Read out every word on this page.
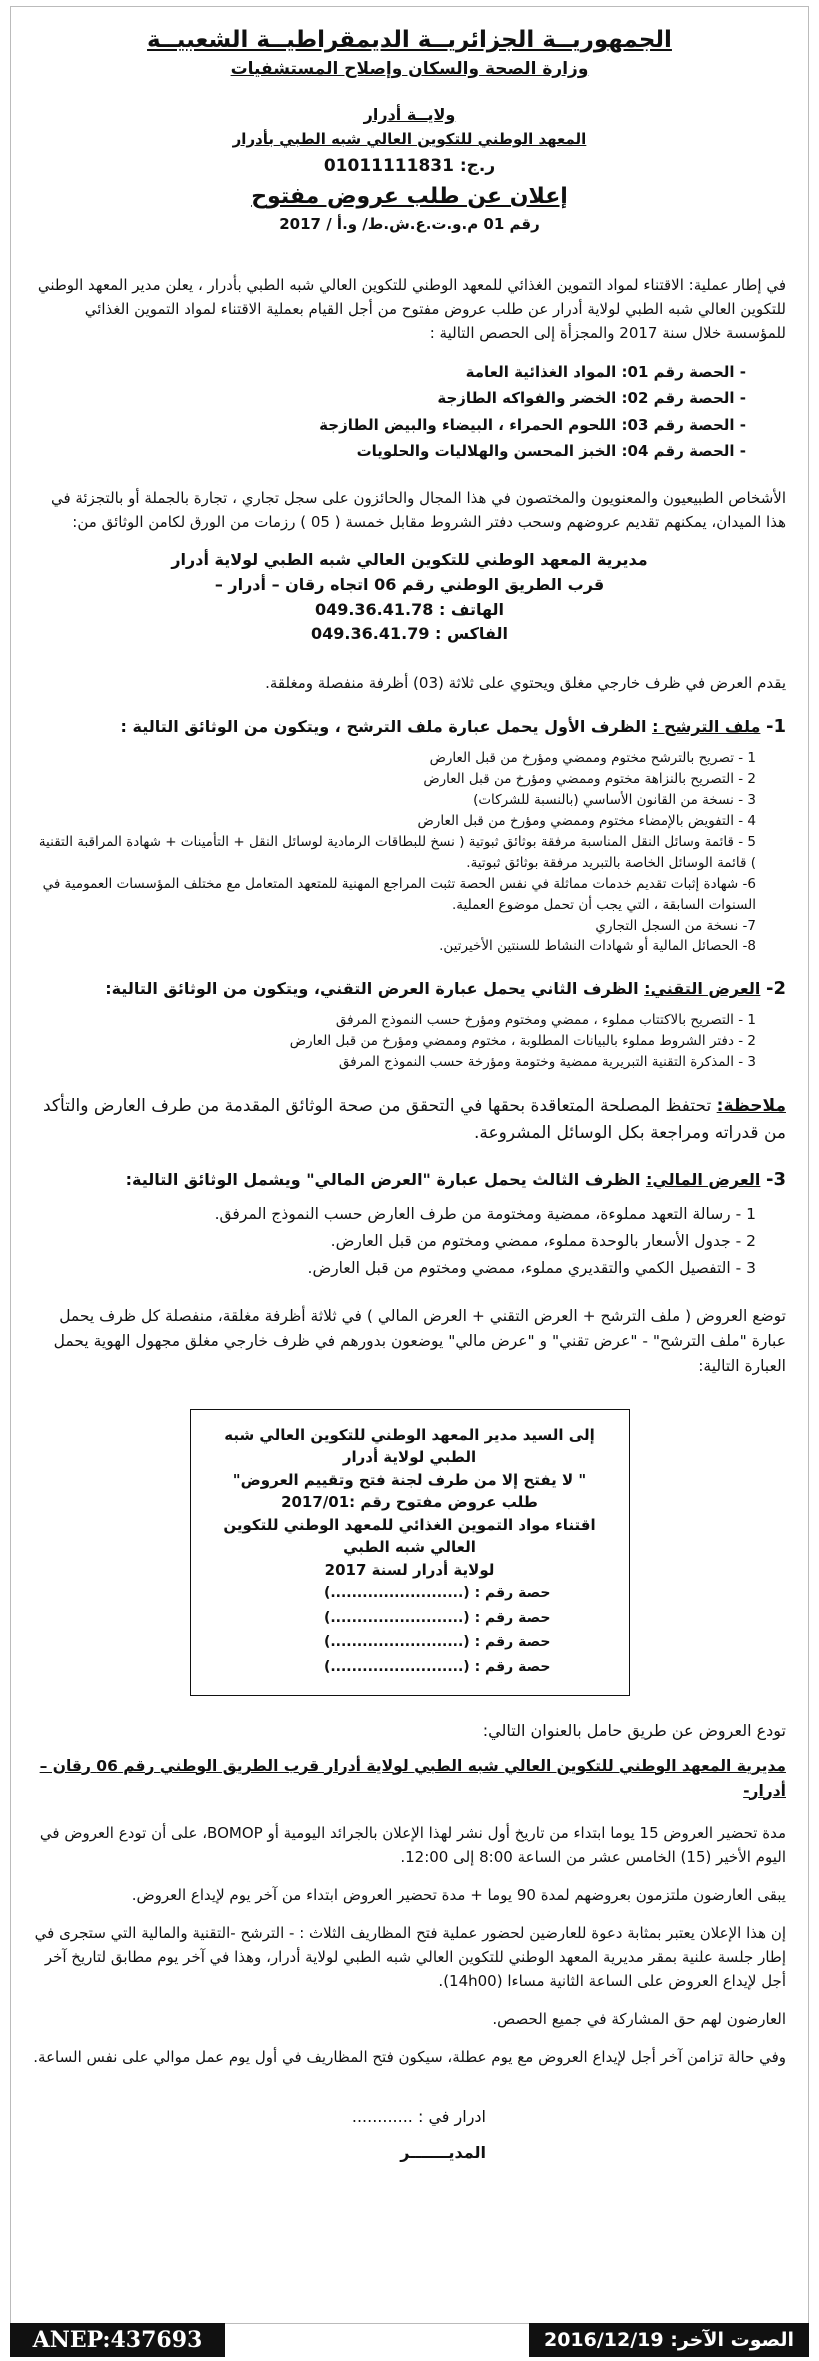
الجمهوريــة الجزائريــة الديمقراطيــة الشعبيــة
وزارة الصحة والسكان وإصلاح المستشفيات
ولايــة أدرار
المعهد الوطني للتكوين العالي شبه الطبي بأدرار
ر.ج: 01011111831
إعلان عن طلب عروض مفتوح
رقم 01 م.و.ت.ع.ش.ط/ و.أ / 2017

في إطار عملية: الاقتناء لمواد التموين الغذائي للمعهد الوطني للتكوين العالي شبه الطبي بأدرار ، يعلن مدير المعهد الوطني للتكوين العالي شبه الطبي لولاية أدرار عن طلب عروض مفتوح من أجل القيام بعملية الاقتناء لمواد التموين الغذائي للمؤسسة خلال سنة 2017 والمجزأة إلى الحصص التالية :

- الحصة رقم 01: المواد الغذائية العامة
- الحصة رقم 02: الخضر والفواكه الطازجة
- الحصة رقم 03: اللحوم الحمراء ، البيضاء والبيض الطازجة
- الحصة رقم 04: الخبز المحسن والهلاليات والحلويات

الأشخاص الطبيعيون والمعنويون والمختصون في هذا المجال والحائزون على سجل تجاري ، تجارة بالجملة أو بالتجزئة في هذا الميدان، يمكنهم تقديم عروضهم وسحب دفتر الشروط مقابل خمسة ( 05 ) رزمات من الورق لكامن الوثائق من:

مديرية المعهد الوطني للتكوين العالي شبه الطبي لولاية أدرار
قرب الطريق الوطني رقم 06 اتجاه رقان – أدرار –
الهاتف : 049.36.41.78
الفاكس : 049.36.41.79

يقدم العرض في ظرف خارجي مغلق ويحتوي على ثلاثة (03) أظرفة منفصلة ومغلقة.

1- ملف الترشح : الظرف الأول يحمل عبارة ملف الترشح ، ويتكون من الوثائق التالية :
1 - تصريح بالترشح مختوم وممضي ومؤرخ من قبل العارض
2 - التصريح بالنزاهة مختوم وممضي ومؤرخ من قبل العارض
3 - نسخة من القانون الأساسي (بالنسبة للشركات)
4 - التفويض بالإمضاء مختوم وممضي ومؤرخ من قبل العارض
5 - قائمة وسائل النقل المناسبة مرفقة بوثائق ثبوتية ( نسخ للبطاقات الرمادية لوسائل النقل + التأمينات + شهادة المراقبة التقنية ) قائمة الوسائل الخاصة بالتبريد مرفقة بوثائق ثبوتية.
6- شهادة إثبات تقديم خدمات مماثلة في نفس الحصة تثبت المراجع المهنية للمتعهد المتعامل مع مختلف المؤسسات العمومية في السنوات السابقة ، التي يجب أن تحمل موضوع العملية.
7- نسخة من السجل التجاري
8- الحصائل المالية أو شهادات النشاط للسنتين الأخيرتين.
2- العرض التقني: الظرف الثاني يحمل عبارة العرض التقني، ويتكون من الوثائق التالية:
1 - التصريح بالاكتتاب مملوء ، ممضي ومختوم ومؤرخ حسب النموذج المرفق
2 - دفتر الشروط مملوء بالبيانات المطلوبة ، مختوم وممضي ومؤرخ من قبل العارض
3 - المذكرة التقنية التبريرية ممضية وختومة ومؤرخة حسب النموذج المرفق
ملاحظة: تحتفظ المصلحة المتعاقدة بحقها في التحقق من صحة الوثائق المقدمة من طرف العارض والتأكد من قدراته ومراجعة بكل الوسائل المشروعة.
3- العرض المالي: الظرف الثالث يحمل عبارة "العرض المالي" ويشمل الوثائق التالية:
1 - رسالة التعهد مملوءة، ممضية ومختومة من طرف العارض حسب النموذج المرفق.
2 - جدول الأسعار بالوحدة مملوء، ممضي ومختوم من قبل العارض.
3 - التفصيل الكمي والتقديري مملوء، ممضي ومختوم من قبل العارض.

توضع العروض ( ملف الترشح + العرض التقني + العرض المالي ) في ثلاثة أظرفة مغلقة، منفصلة كل ظرف يحمل عبارة "ملف الترشح" - "عرض تقني" و "عرض مالي" يوضعون بدورهم في ظرف خارجي مغلق مجهول الهوية يحمل العبارة التالية:

إلى السيد مدير المعهد الوطني للتكوين العالي شبه الطبي لولاية أدرار

" لا يفتح إلا من طرف لجنة فتح وتقييم العروض"

طلب عروض مفتوح رقم :2017/01

اقتناء مواد التموين الغذائي للمعهد الوطني للتكوين العالي شبه الطبي

لولاية أدرار لسنة 2017

حصة رقم : (.........................)
حصة رقم : (.........................)
حصة رقم : (.........................)
حصة رقم : (.........................)

تودع العروض عن طريق حامل بالعنوان التالي:

مديرية المعهد الوطني للتكوين العالي شبه الطبي لولاية أدرار قرب الطريق الوطني رقم 06 رقان – أدرار-

مدة تحضير العروض 15 يوما ابتداء من تاريخ أول نشر لهذا الإعلان بالجرائد اليومية أو BOMOP، على أن تودع العروض في اليوم الأخير (15) الخامس عشر من الساعة 8:00 إلى 12:00.

يبقى العارضون ملتزمون بعروضهم لمدة 90 يوما + مدة تحضير العروض ابتداء من آخر يوم لإيداع العروض.

إن هذا الإعلان يعتبر بمثابة دعوة للعارضين لحضور عملية فتح المظاريف الثلاث : - الترشح -التقنية والمالية التي ستجرى في إطار جلسة علنية بمقر مديرية المعهد الوطني للتكوين العالي شبه الطبي لولاية أدرار، وهذا في آخر يوم مطابق لتاريخ آخر أجل لإيداع العروض على الساعة الثانية مساءا (14h00).

العارضون لهم حق المشاركة في جميع الحصص.

وفي حالة تزامن آخر أجل لإيداع العروض مع يوم عطلة، سيكون فتح المظاريف في أول يوم عمل موالي على نفس الساعة.

ادرار في : ............
المديـــــــر
ANEP:437693	الصوت الآخر: 2016/12/19
